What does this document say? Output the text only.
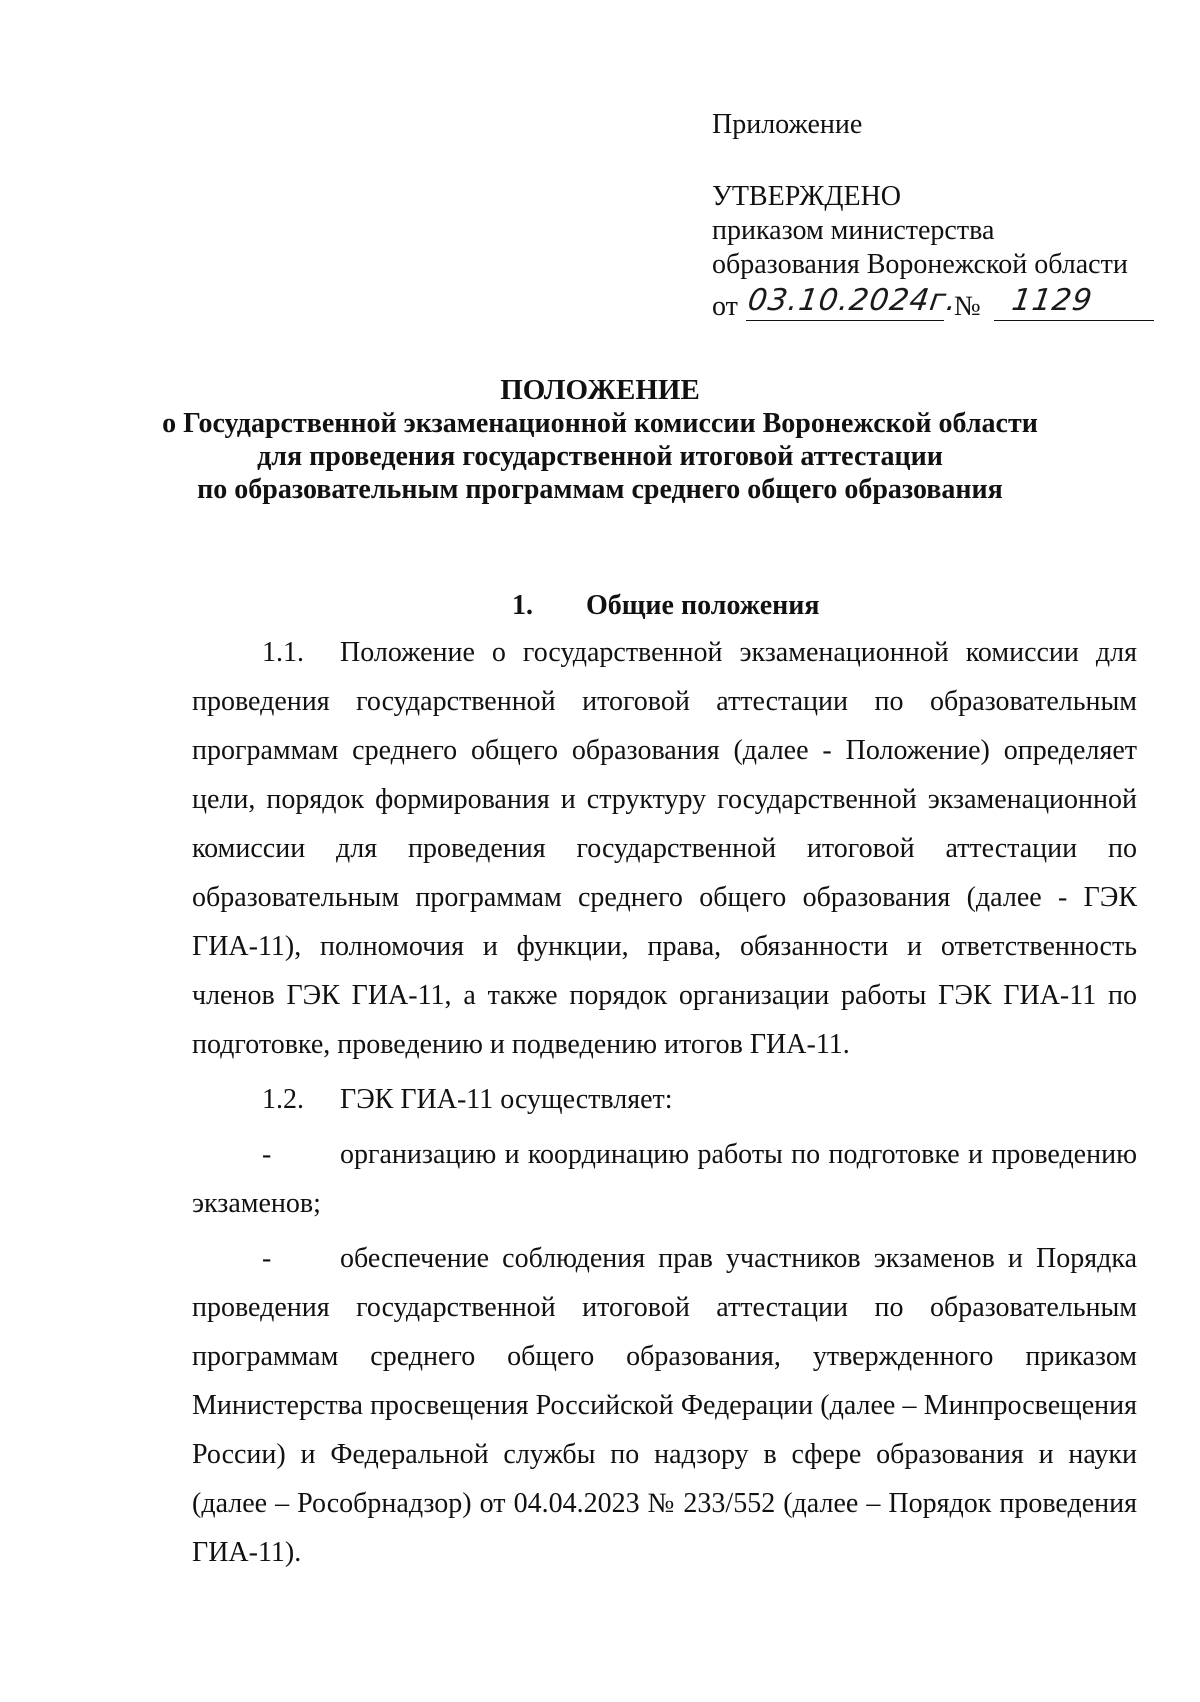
Приложение
УТВЕРЖДЕНО
приказом министерства
образования Воронежской области
от 03.10.2024г.
№ 1129
ПОЛОЖЕНИЕ
о Государственной экзаменационной комиссии Воронежской области
для проведения государственной итоговой аттестации
по образовательным программам среднего общего образования
1. Общие положения

1.1. Положение о государственной экзаменационной комиссии для проведения государственной итоговой аттестации по образовательным программам среднего общего образования (далее - Положение) определяет цели, порядок формирования и структуру государственной экзаменационной комиссии для проведения государственной итоговой аттестации по образовательным программам среднего общего образования (далее - ГЭК ГИА-11), полномочия и функции, права, обязанности и ответственность членов ГЭК ГИА-11, а также порядок организации работы ГЭК ГИА-11 по подготовке, проведению и подведению итогов ГИА-11.

1.2. ГЭК ГИА-11 осуществляет:

- организацию и координацию работы по подготовке и проведению экзаменов;

- обеспечение соблюдения прав участников экзаменов и Порядка проведения государственной итоговой аттестации по образовательным программам среднего общего образования, утвержденного приказом Министерства просвещения Российской Федерации (далее – Минпросвещения России) и Федеральной службы по надзору в сфере образования и науки (далее – Рособрнадзор) от 04.04.2023 № 233/552 (далее – Порядок проведения ГИА-11).
